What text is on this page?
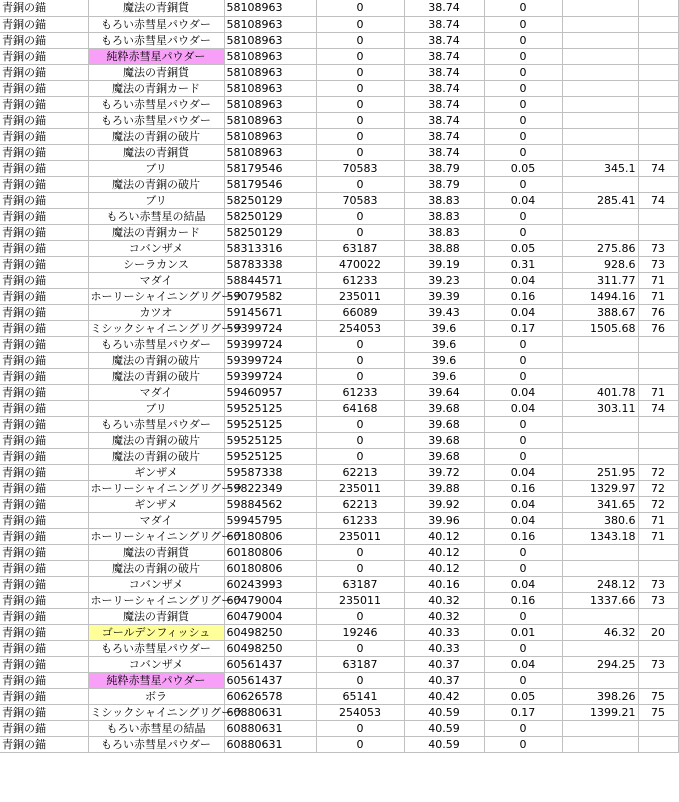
青銅の錨	魔法の青銅貨	58108963	0	38.74	0		
青銅の錨	もろい赤彗星パウダー	58108963	0	38.74	0		
青銅の錨	もろい赤彗星パウダー	58108963	0	38.74	0		
青銅の錨	純粋赤彗星パウダー	58108963	0	38.74	0		
青銅の錨	魔法の青銅貨	58108963	0	38.74	0		
青銅の錨	魔法の青銅カード	58108963	0	38.74	0		
青銅の錨	もろい赤彗星パウダー	58108963	0	38.74	0		
青銅の錨	もろい赤彗星パウダー	58108963	0	38.74	0		
青銅の錨	魔法の青銅の破片	58108963	0	38.74	0		
青銅の錨	魔法の青銅貨	58108963	0	38.74	0		
青銅の錨	ブリ	58179546	70583	38.79	0.05	345.1	74
青銅の錨	魔法の青銅の破片	58179546	0	38.79	0		
青銅の錨	ブリ	58250129	70583	38.83	0.04	285.41	74
青銅の錨	もろい赤彗星の結晶	58250129	0	38.83	0		
青銅の錨	魔法の青銅カード	58250129	0	38.83	0		
青銅の錨	コバンザメ	58313316	63187	38.88	0.05	275.86	73
青銅の錨	シーラカンス	58783338	470022	39.19	0.31	928.6	73
青銅の錨	マダイ	58844571	61233	39.23	0.04	311.77	71
青銅の錨	ホーリーシャイニングリグーラ	59079582	235011	39.39	0.16	1494.16	71
青銅の錨	カツオ	59145671	66089	39.43	0.04	388.67	76
青銅の錨	ミシックシャイニングリグーラ	59399724	254053	39.6	0.17	1505.68	76
青銅の錨	もろい赤彗星パウダー	59399724	0	39.6	0		
青銅の錨	魔法の青銅の破片	59399724	0	39.6	0		
青銅の錨	魔法の青銅の破片	59399724	0	39.6	0		
青銅の錨	マダイ	59460957	61233	39.64	0.04	401.78	71
青銅の錨	ブリ	59525125	64168	39.68	0.04	303.11	74
青銅の錨	もろい赤彗星パウダー	59525125	0	39.68	0		
青銅の錨	魔法の青銅の破片	59525125	0	39.68	0		
青銅の錨	魔法の青銅の破片	59525125	0	39.68	0		
青銅の錨	ギンザメ	59587338	62213	39.72	0.04	251.95	72
青銅の錨	ホーリーシャイニングリグーラ	59822349	235011	39.88	0.16	1329.97	72
青銅の錨	ギンザメ	59884562	62213	39.92	0.04	341.65	72
青銅の錨	マダイ	59945795	61233	39.96	0.04	380.6	71
青銅の錨	ホーリーシャイニングリグーラ	60180806	235011	40.12	0.16	1343.18	71
青銅の錨	魔法の青銅貨	60180806	0	40.12	0		
青銅の錨	魔法の青銅の破片	60180806	0	40.12	0		
青銅の錨	コバンザメ	60243993	63187	40.16	0.04	248.12	73
青銅の錨	ホーリーシャイニングリグーラ	60479004	235011	40.32	0.16	1337.66	73
青銅の錨	魔法の青銅貨	60479004	0	40.32	0		
青銅の錨	ゴールデンフィッシュ	60498250	19246	40.33	0.01	46.32	20
青銅の錨	もろい赤彗星パウダー	60498250	0	40.33	0		
青銅の錨	コバンザメ	60561437	63187	40.37	0.04	294.25	73
青銅の錨	純粋赤彗星パウダー	60561437	0	40.37	0		
青銅の錨	ボラ	60626578	65141	40.42	0.05	398.26	75
青銅の錨	ミシックシャイニングリグーラ	60880631	254053	40.59	0.17	1399.21	75
青銅の錨	もろい赤彗星の結晶	60880631	0	40.59	0		
青銅の錨	もろい赤彗星パウダー	60880631	0	40.59	0		
